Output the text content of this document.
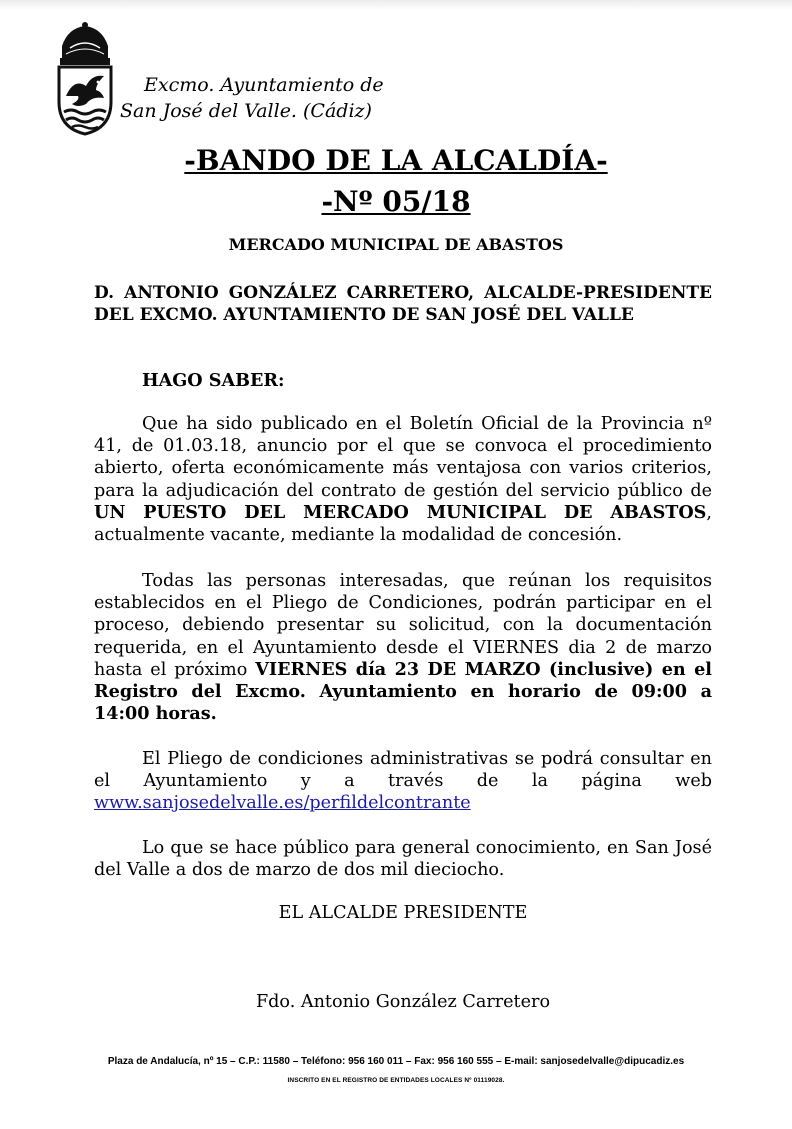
Excmo. Ayuntamiento de
San José del Valle. (Cádiz)
-BANDO DE LA ALCALDÍA-
-Nº 05/18
MERCADO MUNICIPAL DE ABASTOS
D. ANTONIO GONZÁLEZ CARRETERO, ALCALDE-PRESIDENTE DEL EXCMO. AYUNTAMIENTO DE SAN JOSÉ DEL VALLE
HAGO SABER:
Que ha sido publicado en el Boletín Oficial de la Provincia nº 41, de 01.03.18, anuncio por el que se convoca el procedimiento abierto, oferta económicamente más ventajosa con varios criterios, para la adjudicación del contrato de gestión del servicio público de UN PUESTO DEL MERCADO MUNICIPAL DE ABASTOS, actualmente vacante, mediante la modalidad de concesión.
Todas las personas interesadas, que reúnan los requisitos establecidos en el Pliego de Condiciones, podrán participar en el proceso, debiendo presentar su solicitud, con la documentación requerida, en el Ayuntamiento desde el VIERNES dia 2 de marzo hasta el próximo VIERNES día 23 DE MARZO (inclusive) en el Registro del Excmo. Ayuntamiento en horario de 09:00 a 14:00 horas.
El Pliego de condiciones administrativas se podrá consultar en el Ayuntamiento y a través de la página web www.sanjosedelvalle.es/perfildelcontrante
Lo que se hace público para general conocimiento, en San José del Valle a dos de marzo de dos mil dieciocho.
EL ALCALDE PRESIDENTE
Fdo. Antonio González Carretero
Plaza de Andalucía, nº 15 – C.P.: 11580 – Teléfono: 956 160 011 – Fax: 956 160 555 – E-mail: sanjosedelvalle@dipucadiz.es
INSCRITO EN EL REGISTRO DE ENTIDADES LOCALES Nº 01119028.
